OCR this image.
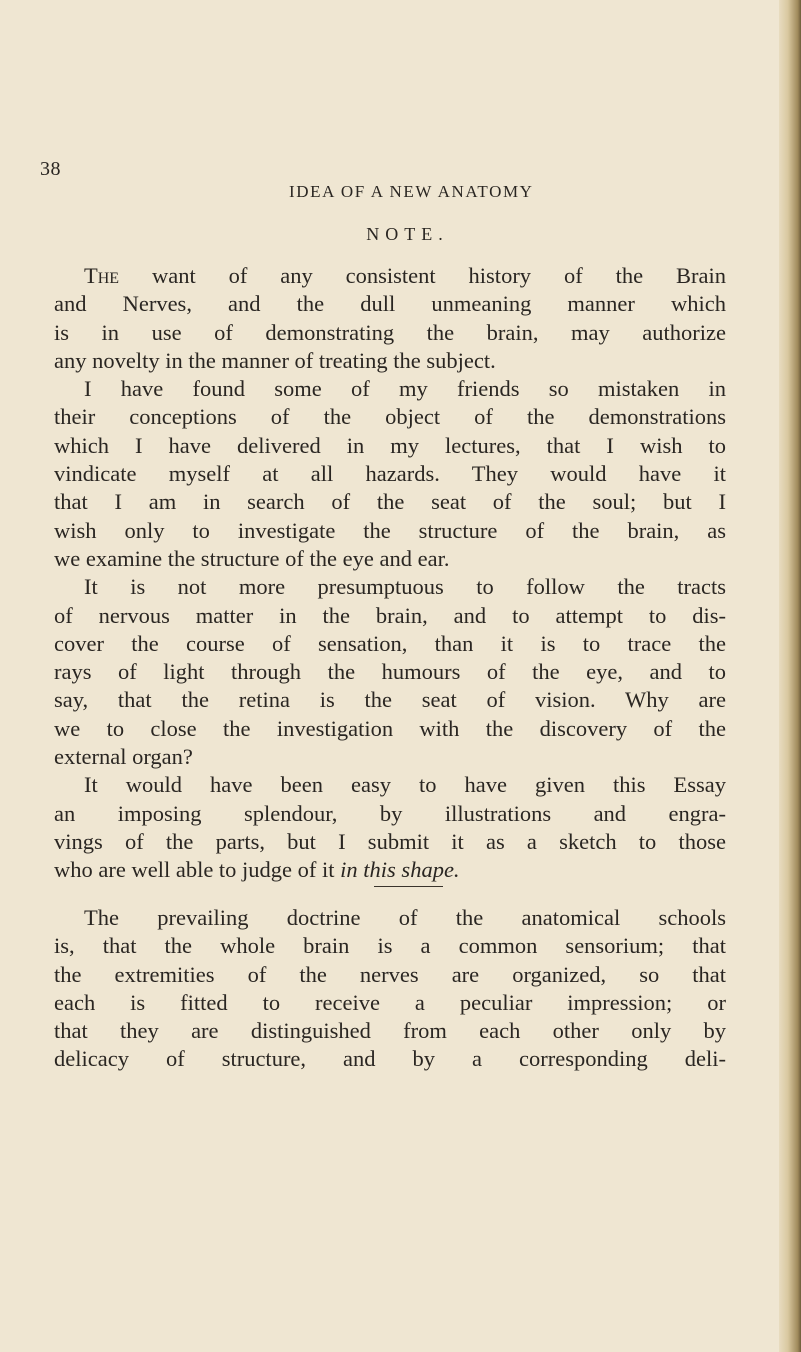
38
IDEA OF A NEW ANATOMY
NOTE.
The want of any consistent history of the Brain
and Nerves, and the dull unmeaning manner which
is in use of demonstrating the brain, may authorize
any novelty in the manner of treating the subject.
I have found some of my friends so mistaken in
their conceptions of the object of the demonstrations
which I have delivered in my lectures, that I wish to
vindicate myself at all hazards. They would have it
that I am in search of the seat of the soul; but I
wish only to investigate the structure of the brain, as
we examine the structure of the eye and ear.
It is not more presumptuous to follow the tracts
of nervous matter in the brain, and to attempt to dis-
cover the course of sensation, than it is to trace the
rays of light through the humours of the eye, and to
say, that the retina is the seat of vision. Why are
we to close the investigation with the discovery of the
external organ?
It would have been easy to have given this Essay
an imposing splendour, by illustrations and engra-
vings of the parts, but I submit it as a sketch to those
who are well able to judge of it in this shape.
The prevailing doctrine of the anatomical schools
is, that the whole brain is a common sensorium; that
the extremities of the nerves are organized, so that
each is fitted to receive a peculiar impression; or
that they are distinguished from each other only by
delicacy of structure, and by a corresponding deli-
